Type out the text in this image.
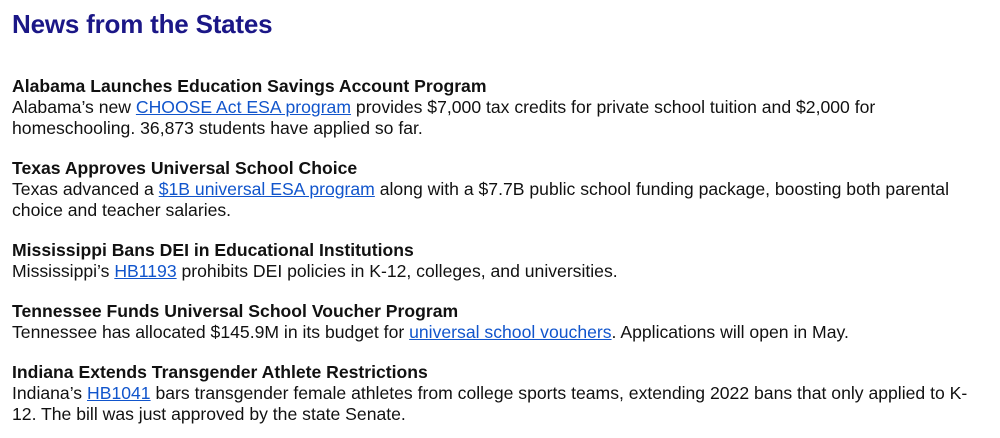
News from the States

Alabama Launches Education Savings Account Program

Alabama’s new CHOOSE Act ESA program provides $7,000 tax credits for private school tuition and $2,000 for homeschooling. 36,873 students have applied so far.

Texas Approves Universal School Choice

Texas advanced a $1B universal ESA program along with a $7.7B public school funding package, boosting both parental choice and teacher salaries.

Mississippi Bans DEI in Educational Institutions

Mississippi’s HB1193 prohibits DEI policies in K-12, colleges, and universities.

Tennessee Funds Universal School Voucher Program

Tennessee has allocated $145.9M in its budget for universal school vouchers. Applications will open in May.

Indiana Extends Transgender Athlete Restrictions

Indiana’s HB1041 bars transgender female athletes from college sports teams, extending 2022 bans that only applied to K-12. The bill was just approved by the state Senate.
